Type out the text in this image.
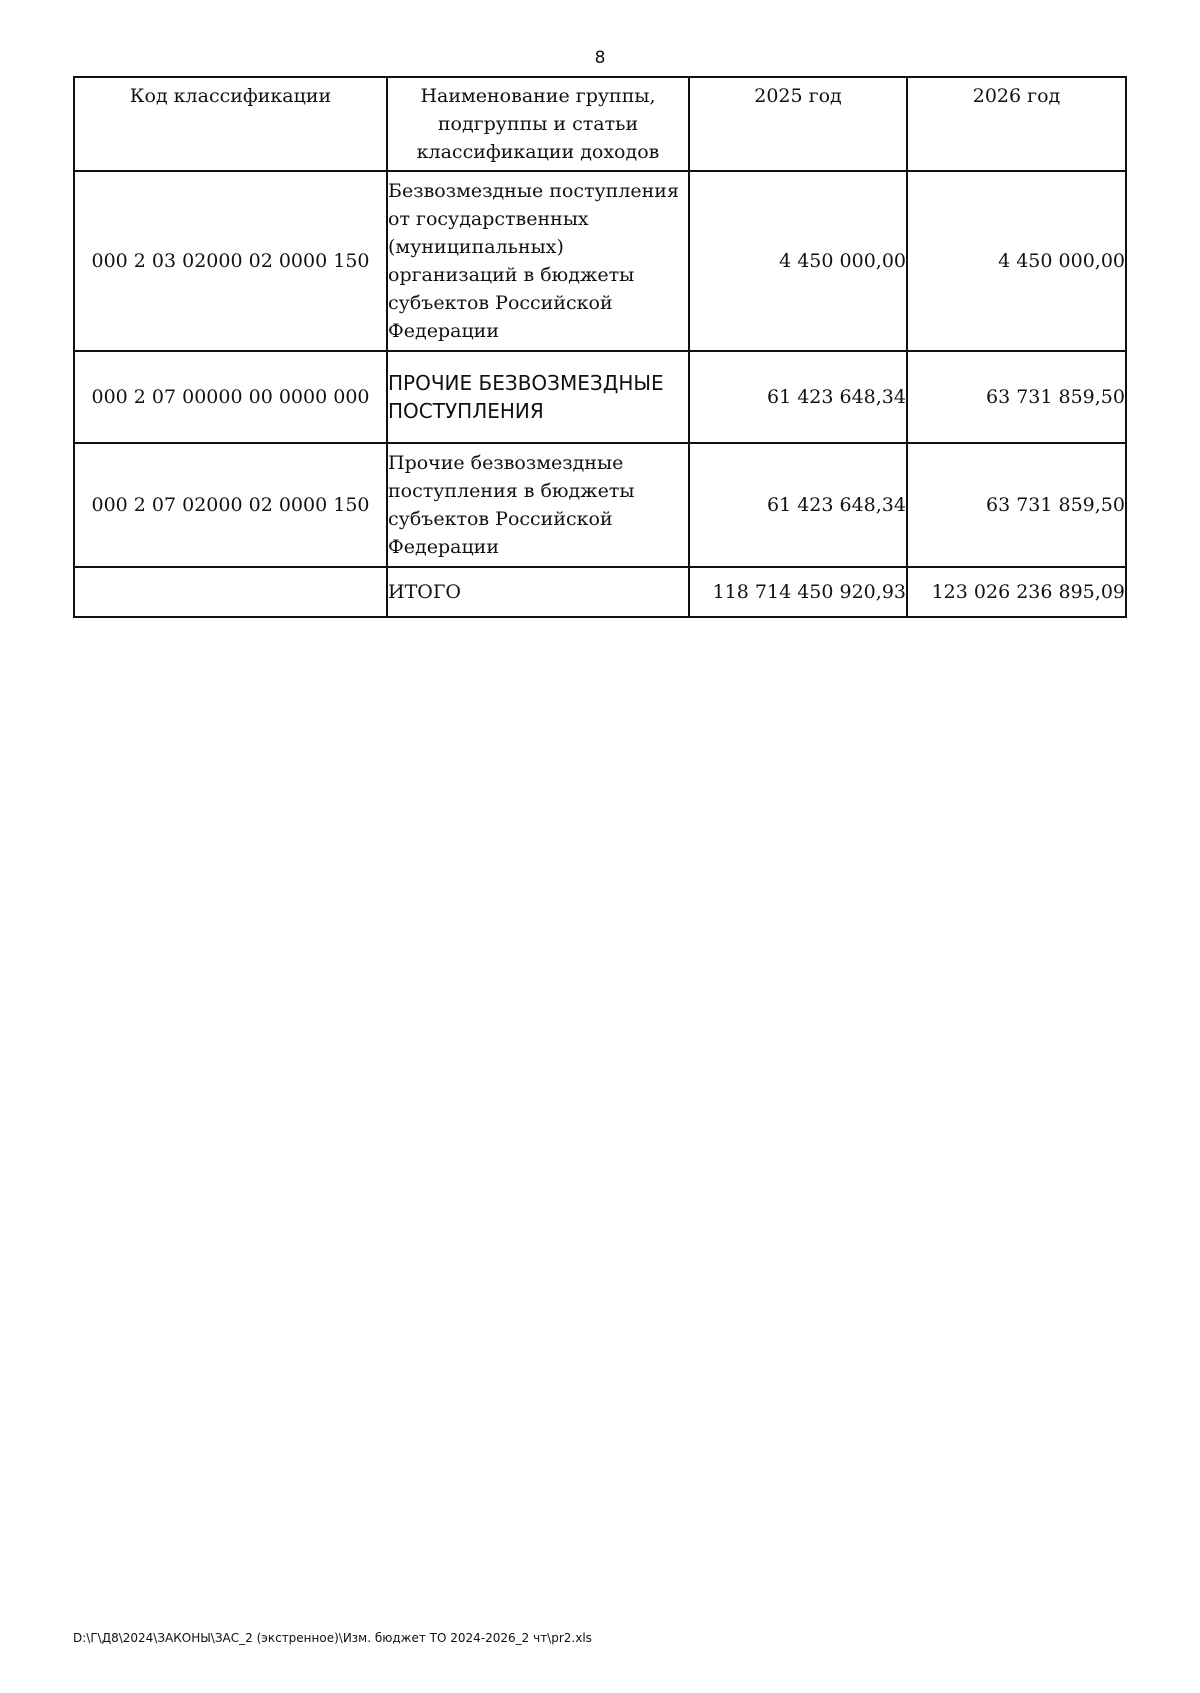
8
Код классификации	Наименование группы, подгруппы и статьи классификации доходов	2025 год	2026 год
000 2 03 02000 02 0000 150	Безвозмездные поступления от государственных (муниципальных) организаций в бюджеты субъектов Российской Федерации	4 450 000,00	4 450 000,00
000 2 07 00000 00 0000 000	ПРОЧИЕ БЕЗВОЗМЕЗДНЫЕ ПОСТУПЛЕНИЯ	61 423 648,34	63 731 859,50
000 2 07 02000 02 0000 150	Прочие безвозмездные поступления в бюджеты субъектов Российской Федерации	61 423 648,34	63 731 859,50
	ИТОГО	118 714 450 920,93	123 026 236 895,09
D:\Г\Д8\2024\ЗАКОНЫ\ЗАС_2 (экстренное)\Изм. бюджет ТО 2024-2026_2 чт\pr2.xls
